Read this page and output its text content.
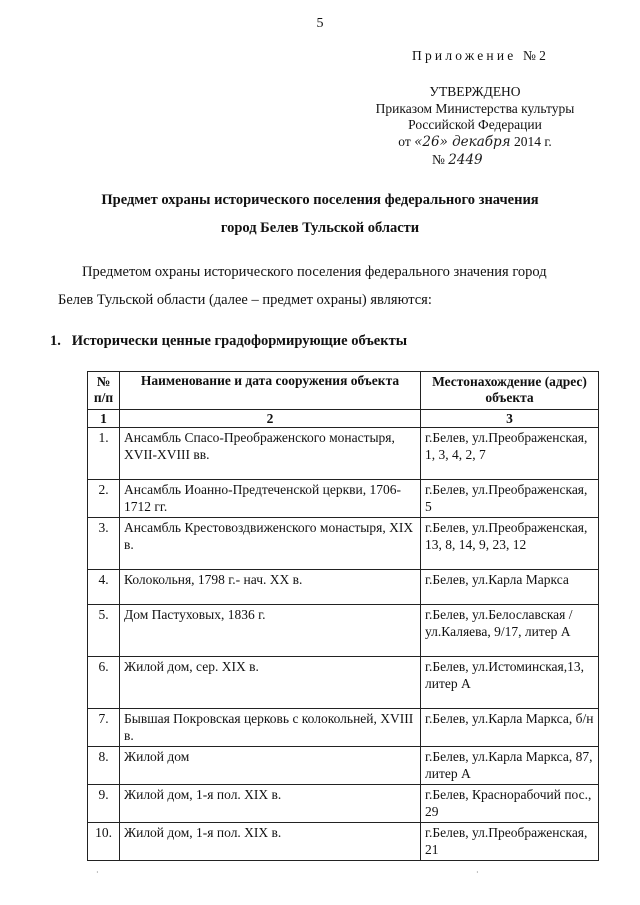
5
Приложение №2
УТВЕРЖДЕНО
Приказом Министерства культуры
Российской Федерации
от «26» декабря 2014 г.
№ 2449
Предмет охраны исторического поселения федерального значения
город Белев Тульской области

Предметом охраны исторического поселения федерального значения город

Белев Тульской области (далее – предмет охраны) являются:

1.   Исторически ценные градоформирующие объекты
№ п/п	Наименование и дата сооружения объекта	Местонахождение (адрес) объекта
1	2	3
1.	Ансамбль Спасо-Преображенского монастыря, XVII-XVIII вв.	г.Белев, ул.Преображенская, 1, 3, 4, 2, 7
2.	Ансамбль Иоанно-Предтеченской церкви, 1706-1712 гг.	г.Белев, ул.Преображенская, 5
3.	Ансамбль Крестовоздвиженского монастыря, XIX в.	г.Белев, ул.Преображенская, 13, 8, 14, 9, 23, 12
4.	Колокольня, 1798 г.- нач. XX в.	г.Белев, ул.Карла Маркса
5.	Дом Пастуховых, 1836 г.	г.Белев, ул.Белославская / ул.Каляева, 9/17, литер А
6.	Жилой дом, сер. XIX в.	г.Белев, ул.Истоминская,13, литер А
7.	Бывшая Покровская церковь с колокольней, XVIII в.	г.Белев, ул.Карла Маркса, б/н
8.	Жилой дом	г.Белев, ул.Карла Маркса, 87, литер А
9.	Жилой дом, 1-я пол. XIX в.	г.Белев, Краснорабочий пос., 29
10.	Жилой дом, 1-я пол. XIX в.	г.Белев, ул.Преображенская, 21
·	·
